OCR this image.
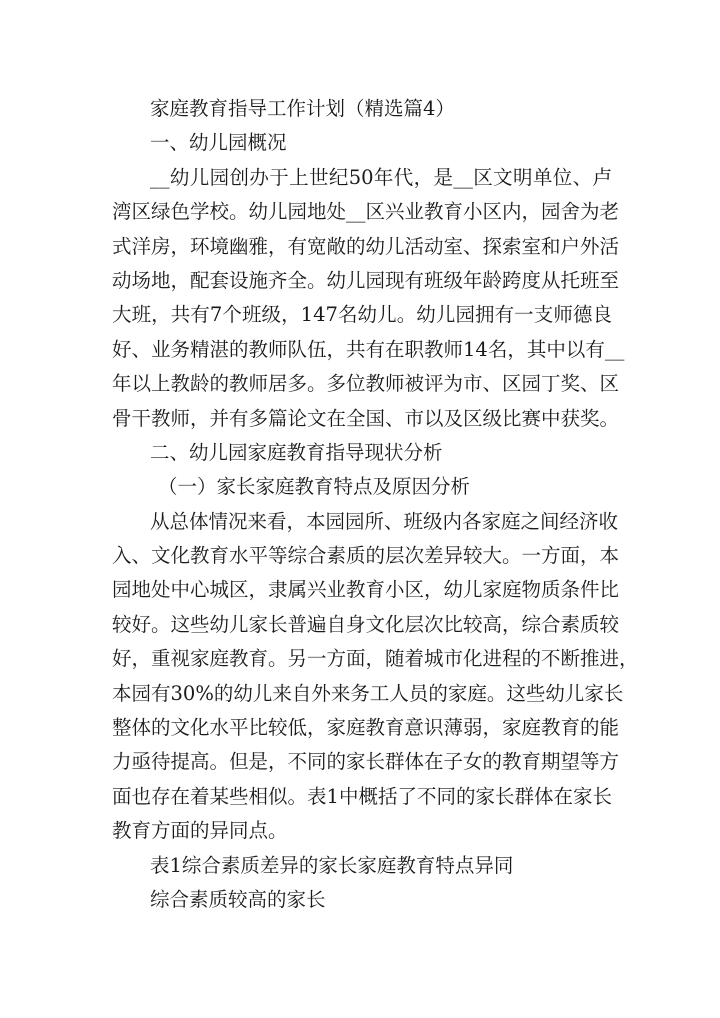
家庭教育指导工作计划（精选篇4）
一、幼儿园概况
__幼儿园创办于上世纪50年代，是__区文明单位、卢
湾区绿色学校。幼儿园地处__区兴业教育小区内，园舍为老
式洋房，环境幽雅，有宽敞的幼儿活动室、探索室和户外活
动场地，配套设施齐全。幼儿园现有班级年龄跨度从托班至
大班，共有7个班级，147名幼儿。幼儿园拥有一支师德良
好、业务精湛的教师队伍，共有在职教师14名，其中以有__
年以上教龄的教师居多。多位教师被评为市、区园丁奖、区
骨干教师，并有多篇论文在全国、市以及区级比赛中获奖。
二、幼儿园家庭教育指导现状分析
（一）家长家庭教育特点及原因分析
从总体情况来看，本园园所、班级内各家庭之间经济收
入、文化教育水平等综合素质的层次差异较大。一方面，本
园地处中心城区，隶属兴业教育小区，幼儿家庭物质条件比
较好。这些幼儿家长普遍自身文化层次比较高，综合素质较
好，重视家庭教育。另一方面，随着城市化进程的不断推进，
本园有30%的幼儿来自外来务工人员的家庭。这些幼儿家长
整体的文化水平比较低，家庭教育意识薄弱，家庭教育的能
力亟待提高。但是，不同的家长群体在子女的教育期望等方
面也存在着某些相似。表1中概括了不同的家长群体在家长
教育方面的异同点。
表1综合素质差异的家长家庭教育特点异同
综合素质较高的家长
